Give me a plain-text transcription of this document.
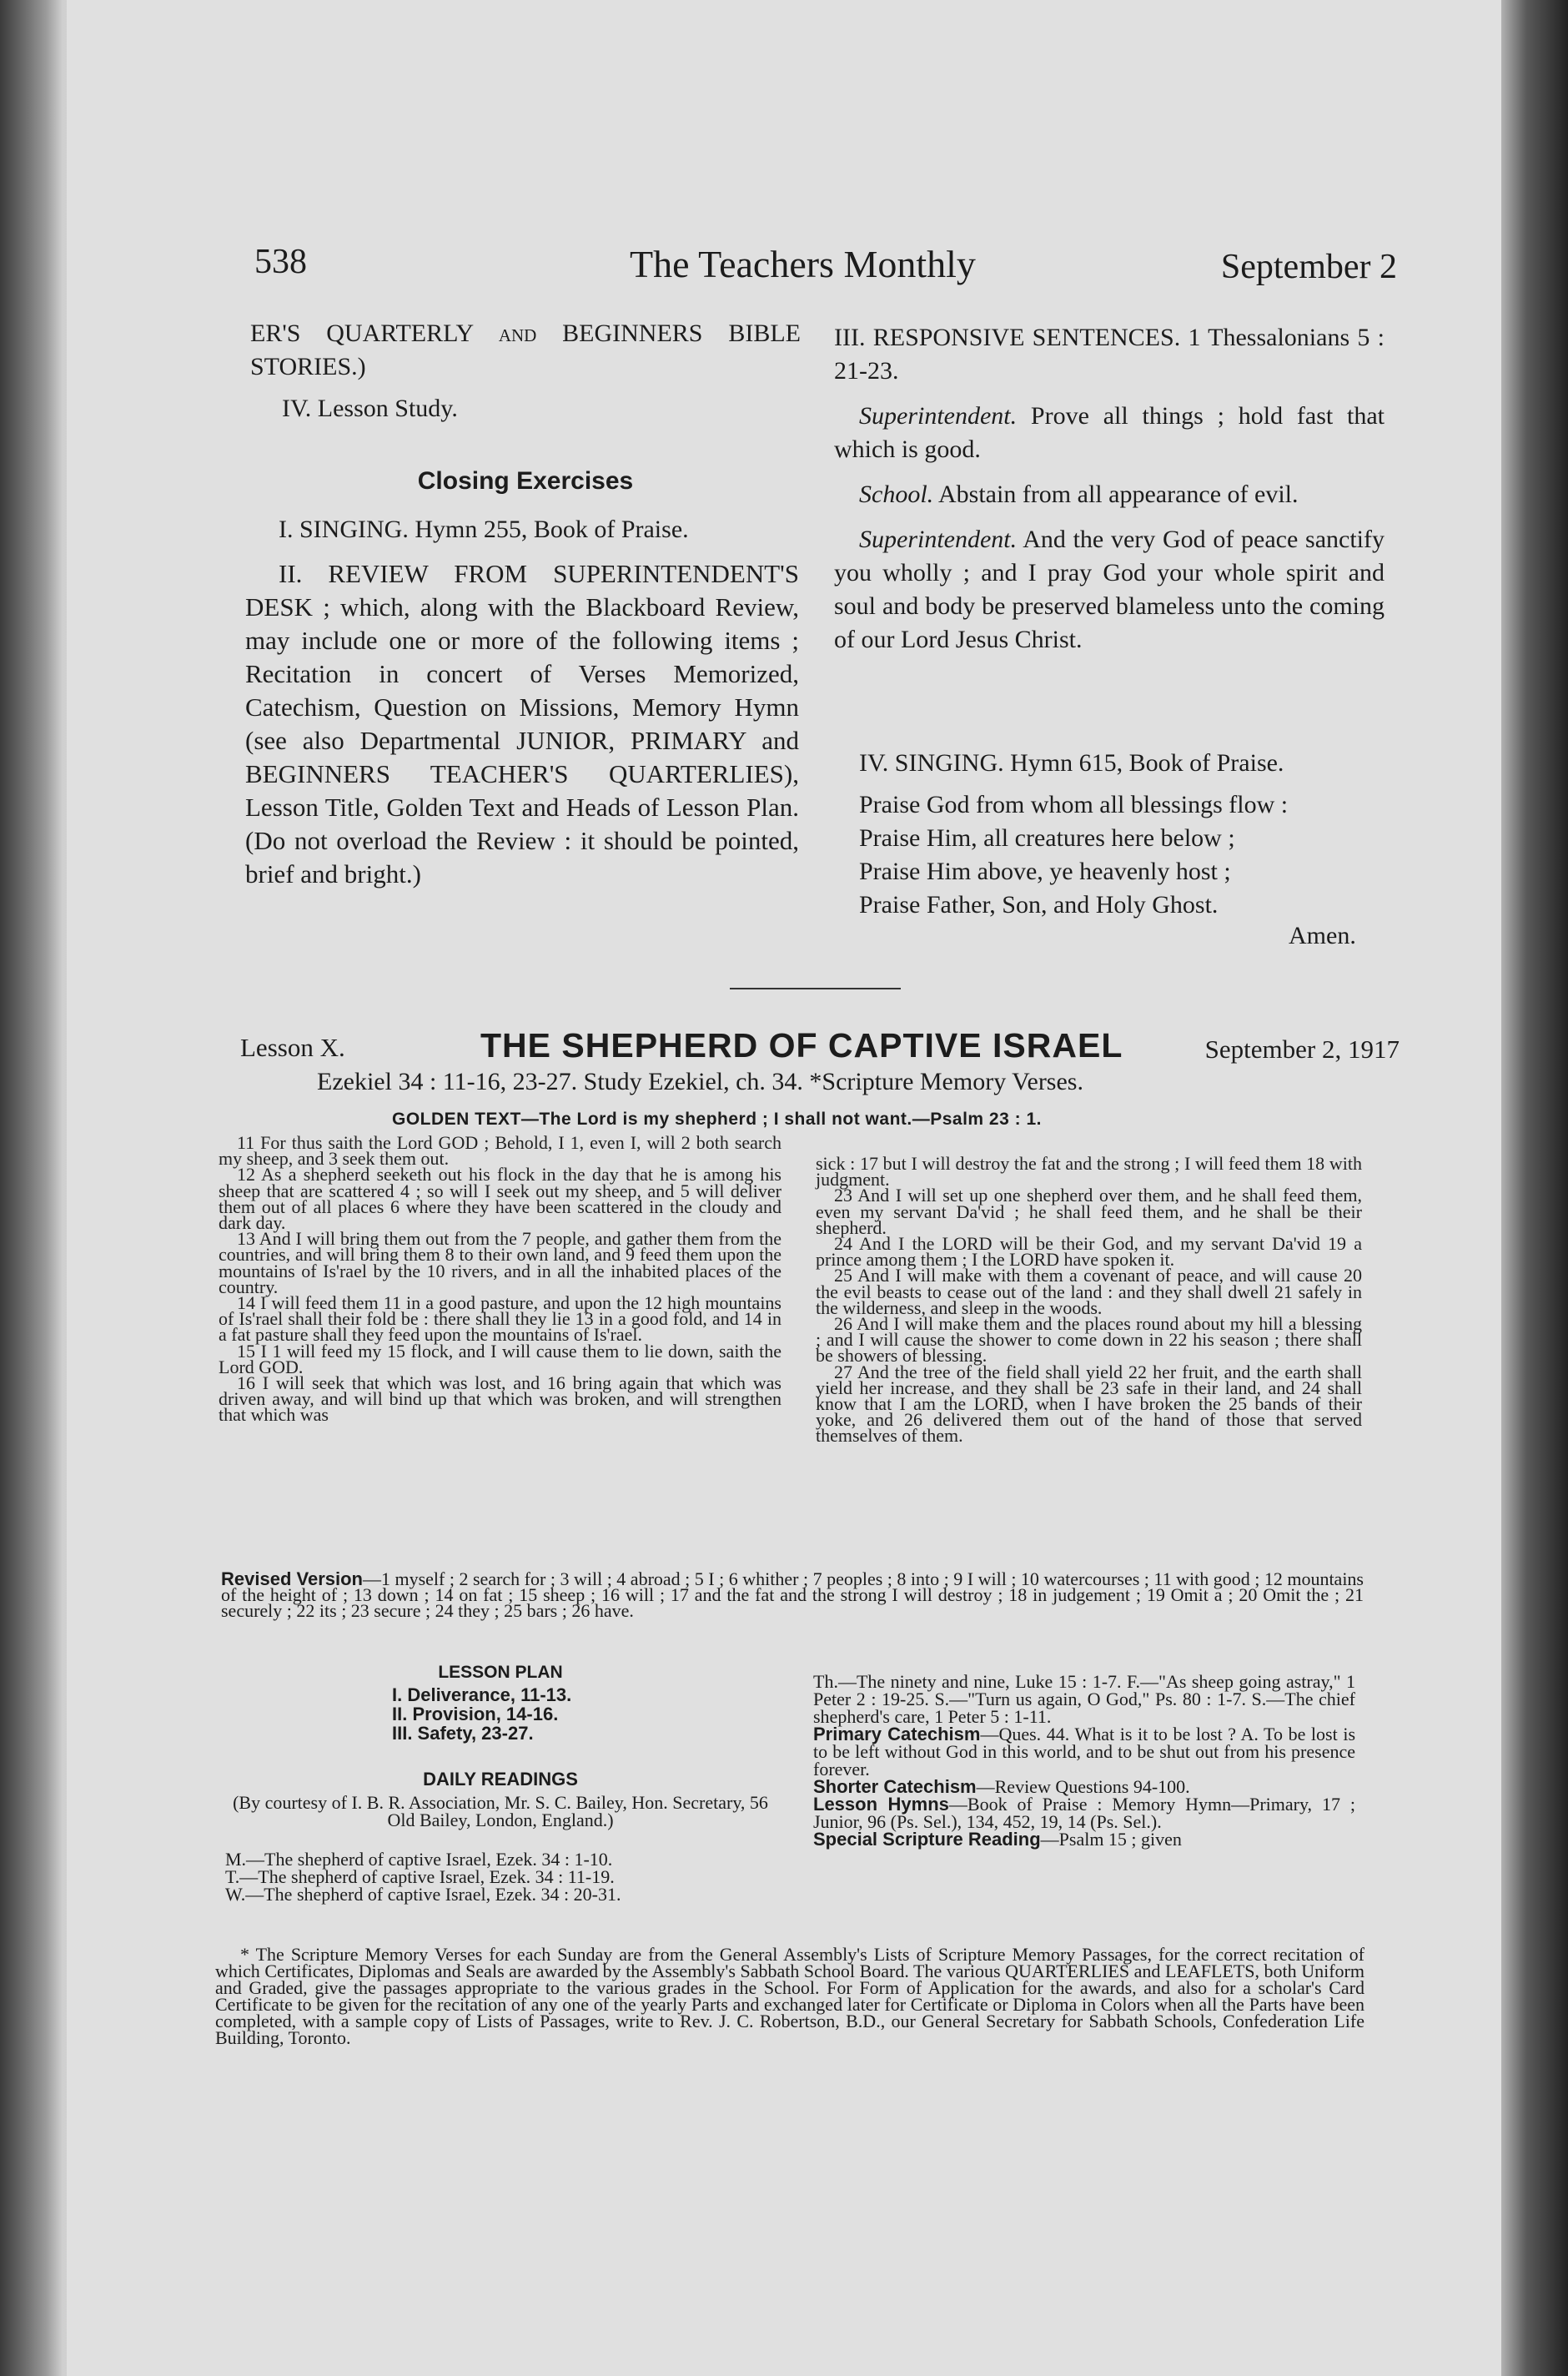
538	The Teachers Monthly	September 2

ER'S QUARTERLY and BEGINNERS BIBLE STORIES.)

IV. Lesson Study.

Closing Exercises

I. SINGING. Hymn 255, Book of Praise.

II. REVIEW FROM SUPERINTENDENT'S DESK ; which, along with the Blackboard Review, may include one or more of the following items ; Recitation in concert of Verses Memorized, Catechism, Question on Missions, Memory Hymn (see also Departmental JUNIOR, PRIMARY and BEGINNERS TEACHER'S QUARTERLIES), Lesson Title, Golden Text and Heads of Lesson Plan. (Do not overload the Review : it should be pointed, brief and bright.)

III. RESPONSIVE SENTENCES. 1 Thessalonians 5 : 21-23.

Superintendent. Prove all things ; hold fast that which is good.

School. Abstain from all appearance of evil.

Superintendent. And the very God of peace sanctify you wholly ; and I pray God your whole spirit and soul and body be preserved blameless unto the coming of our Lord Jesus Christ.

IV. SINGING. Hymn 615, Book of Praise.

Praise God from whom all blessings flow :

Praise Him, all creatures here below ;

Praise Him above, ye heavenly host ;

Praise Father, Son, and Holy Ghost.

Amen.
Lesson X.	THE SHEPHERD OF CAPTIVE ISRAEL	September 2, 1917
Ezekiel 34 : 11-16, 23-27. Study Ezekiel, ch. 34. *Scripture Memory Verses.
GOLDEN TEXT—The Lord is my shepherd ; I shall not want.—Psalm 23 : 1.

11 For thus saith the Lord GOD ; Behold, I 1, even I, will 2 both search my sheep, and 3 seek them out.

12 As a shepherd seeketh out his flock in the day that he is among his sheep that are scattered 4 ; so will I seek out my sheep, and 5 will deliver them out of all places 6 where they have been scattered in the cloudy and dark day.

13 And I will bring them out from the 7 people, and gather them from the countries, and will bring them 8 to their own land, and 9 feed them upon the mountains of Is'rael by the 10 rivers, and in all the inhabited places of the country.

14 I will feed them 11 in a good pasture, and upon the 12 high mountains of Is'rael shall their fold be : there shall they lie 13 in a good fold, and 14 in a fat pasture shall they feed upon the mountains of Is'rael.

15 I 1 will feed my 15 flock, and I will cause them to lie down, saith the Lord GOD.

16 I will seek that which was lost, and 16 bring again that which was driven away, and will bind up that which was broken, and will strengthen that which was

sick : 17 but I will destroy the fat and the strong ; I will feed them 18 with judgment.

23 And I will set up one shepherd over them, and he shall feed them, even my servant Da'vid ; he shall feed them, and he shall be their shepherd.

24 And I the LORD will be their God, and my servant Da'vid 19 a prince among them ; I the LORD have spoken it.

25 And I will make with them a covenant of peace, and will cause 20 the evil beasts to cease out of the land : and they shall dwell 21 safely in the wilderness, and sleep in the woods.

26 And I will make them and the places round about my hill a blessing ; and I will cause the shower to come down in 22 his season ; there shall be showers of blessing.

27 And the tree of the field shall yield 22 her fruit, and the earth shall yield her increase, and they shall be 23 safe in their land, and 24 shall know that I am the LORD, when I have broken the 25 bands of their yoke, and 26 delivered them out of the hand of those that served themselves of them.

Revised Version—1 myself ; 2 search for ; 3 will ; 4 abroad ; 5 I ; 6 whither ; 7 peoples ; 8 into ; 9 I will ; 10 watercourses ; 11 with good ; 12 mountains of the height of ; 13 down ; 14 on fat ; 15 sheep ; 16 will ; 17 and the fat and the strong I will destroy ; 18 in judgement ; 19 Omit a ; 20 Omit the ; 21 securely ; 22 its ; 23 secure ; 24 they ; 25 bars ; 26 have.
LESSON PLAN
I. Deliverance, 11-13.
II. Provision, 14-16.
III. Safety, 23-27.
DAILY READINGS
(By courtesy of I. B. R. Association, Mr. S. C. Bailey, Hon. Secretary, 56 Old Bailey, London, England.)
M.—The shepherd of captive Israel, Ezek. 34 : 1-10.
T.—The shepherd of captive Israel, Ezek. 34 : 11-19.
W.—The shepherd of captive Israel, Ezek. 34 : 20-31.

Th.—The ninety and nine, Luke 15 : 1-7. F.—"As sheep going astray," 1 Peter 2 : 19-25. S.—"Turn us again, O God," Ps. 80 : 1-7. S.—The chief shepherd's care, 1 Peter 5 : 1-11.

Primary Catechism—Ques. 44. What is it to be lost ? A. To be lost is to be left without God in this world, and to be shut out from his presence forever.

Shorter Catechism—Review Questions 94-100.

Lesson Hymns—Book of Praise : Memory Hymn—Primary, 17 ; Junior, 96 (Ps. Sel.), 134, 452, 19, 14 (Ps. Sel.).

Special Scripture Reading—Psalm 15 ; given

* The Scripture Memory Verses for each Sunday are from the General Assembly's Lists of Scripture Memory Passages, for the correct recitation of which Certificates, Diplomas and Seals are awarded by the Assembly's Sabbath School Board. The various QUARTERLIES and LEAFLETS, both Uniform and Graded, give the passages appropriate to the various grades in the School. For Form of Application for the awards, and also for a scholar's Card Certificate to be given for the recitation of any one of the yearly Parts and exchanged later for Certificate or Diploma in Colors when all the Parts have been completed, with a sample copy of Lists of Passages, write to Rev. J. C. Robertson, B.D., our General Secretary for Sabbath Schools, Confederation Life Building, Toronto.
